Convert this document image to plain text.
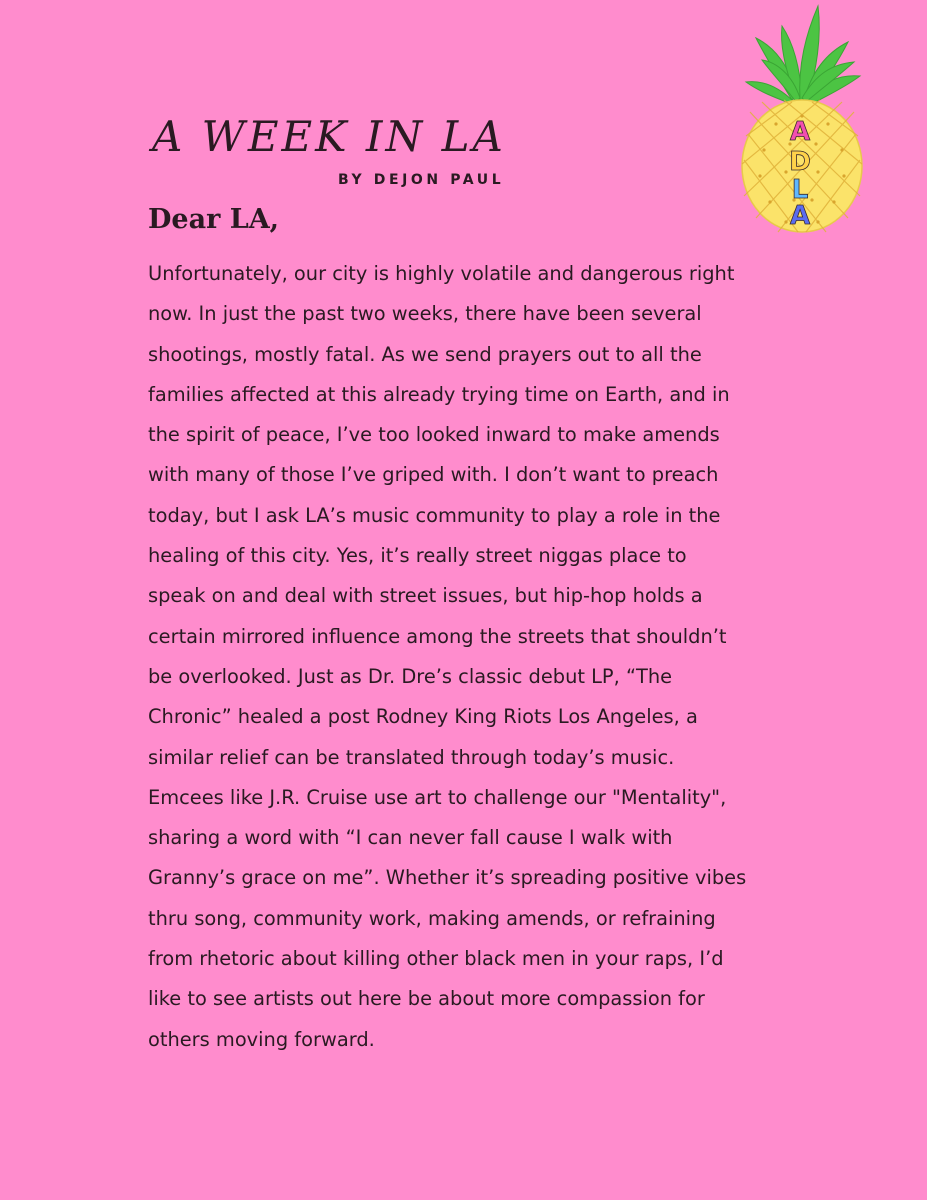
A WEEK IN LA
BY DEJON PAUL
A
D
L
A
Dear LA,
Unfortunately, our city is highly volatile and dangerous right
now. In just the past two weeks, there have been several
shootings, mostly fatal. As we send prayers out to all the
families affected at this already trying time on Earth, and in
the spirit of peace, I’ve too looked inward to make amends
with many of those I’ve griped with. I don’t want to preach
today, but I ask LA’s music community to play a role in the
healing of this city. Yes, it’s really street niggas place to
speak on and deal with street issues, but hip-hop holds a
certain mirrored influence among the streets that shouldn’t
be overlooked. Just as Dr. Dre’s classic debut LP, “The
Chronic” healed a post Rodney King Riots Los Angeles, a
similar relief can be translated through today’s music.
Emcees like J.R. Cruise use art to challenge our "Mentality",
sharing a word with “I can never fall cause I walk with
Granny’s grace on me”. Whether it’s spreading positive vibes
thru song, community work, making amends, or refraining
from rhetoric about killing other black men in your raps, I’d
like to see artists out here be about more compassion for
others moving forward.
